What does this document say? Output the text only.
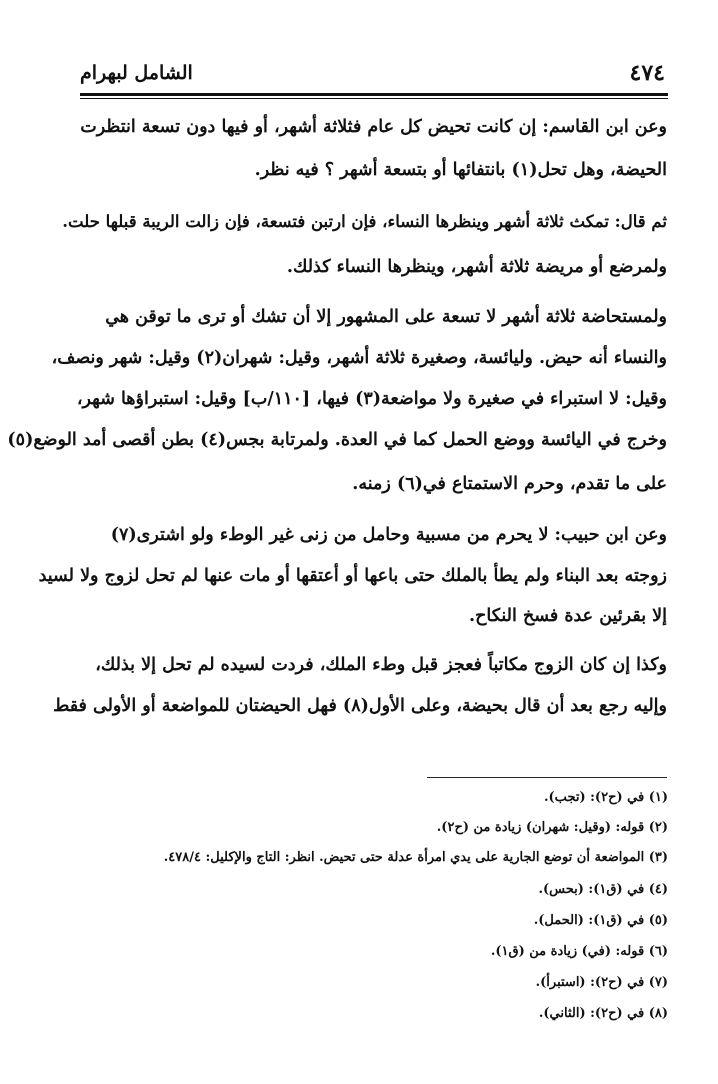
٤٧٤
الشامل لبهرام

وعن ابن القاسم: إن كانت تحيض كل عام فثلاثة أشهر، أو فيها دون تسعة انتظرت

الحيضة، وهل تحل(١) بانتفائها أو بتسعة أشهر ؟ فيه نظر.

ثم قال: تمكث ثلاثة أشهر وينظرها النساء، فإن ارتبن فتسعة، فإن زالت الريبة قبلها حلت.

ولمرضع أو مريضة ثلاثة أشهر، وينظرها النساء كذلك.

ولمستحاضة ثلاثة أشهر لا تسعة على المشهور إلا أن تشك أو ترى ما توقن هي

والنساء أنه حيض. وليائسة، وصغيرة ثلاثة أشهر، وقيل: شهران(٢) وقيل: شهر ونصف،

وقيل: لا استبراء في صغيرة ولا مواضعة(٣) فيها، [١١٠/ب] وقيل: استبراؤها شهر،

وخرج في اليائسة ووضع الحمل كما في العدة. ولمرتابة بجس(٤) بطن أقصى أمد الوضع(٥)

على ما تقدم، وحرم الاستمتاع في(٦) زمنه.

وعن ابن حبيب: لا يحرم من مسبية وحامل من زنى غير الوطء ولو اشترى(٧)

زوجته بعد البناء ولم يطأ بالملك حتى باعها أو أعتقها أو مات عنها لم تحل لزوج ولا لسيد

إلا بقرئين عدة فسخ النكاح.

وكذا إن كان الزوج مكاتباً فعجز قبل وطء الملك، فردت لسيده لم تحل إلا بذلك،

وإليه رجع بعد أن قال بحيضة، وعلى الأول(٨) فهل الحيضتان للمواضعة أو الأولى فقط

(١) في (ح٢): (تجب).

(٢) قوله: (وقيل: شهران) زيادة من (ح٢).

(٣) المواضعة أن توضع الجارية على يدي امرأة عدلة حتى تحيض. انظر: التاج والإكليل: ٤٧٨/٤.

(٤) في (ق١): (بحس).

(٥) في (ق١): (الحمل).

(٦) قوله: (في) زيادة من (ق١).

(٧) في (ح٢): (استبرأ).

(٨) في (ح٢): (الثاني).
